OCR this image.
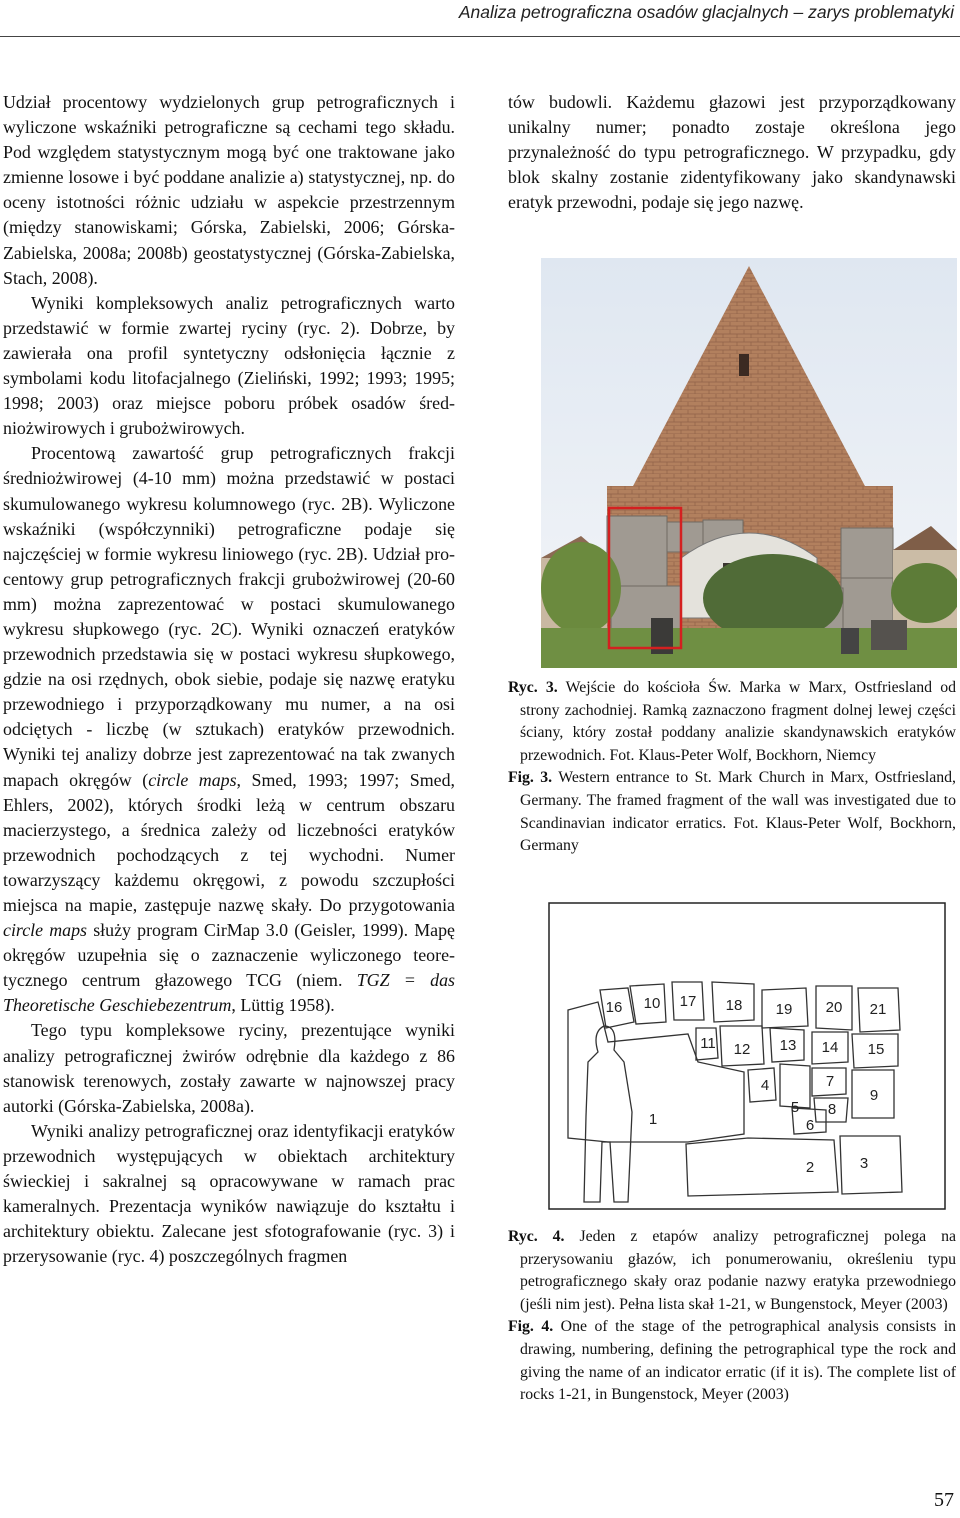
Analiza petrograficzna osadów glacjalnych – zarys problematyki

Udział procentowy wydzielonych grup petrograficznych i wyliczone wskaźniki petrograficzne są cechami tego składu. Pod względem statystycznym mogą być one traktowane jako zmienne losowe i być poddane analizie a) statystycznej, np. do oceny istotności różnic udziału w aspekcie przestrzennym (między stanowiskami; Górska, Zabielski, 2006; Górska-Zabielska, 2008a; 2008b) geostatystycznej (Górska-Zabielska, Stach, 2008).

Wyniki kompleksowych analiz petrograficznych warto przedstawić w formie zwartej ryciny (ryc. 2). Dobrze, by zawierała ona profil syntetyczny odsłonięcia łącznie z symbolami kodu litofacjalnego (Zieliński, 1992; 1993; 1995; 1998; 2003) oraz miejsce poboru próbek osadów średniożwirowych i grubożwirowych.

Procentową zawartość grup petrograficznych frakcji średniożwirowej (4-10 mm) można przedstawić w postaci skumulowanego wykresu kolumnowego (ryc. 2B). Wyliczone wskaźniki (współczynniki) petrograficzne podaje się najczęściej w formie wykresu liniowego (ryc. 2B). Udział procentowy grup petrograficznych frakcji grubożwirowej (20-60 mm) można zaprezentować w postaci skumulowanego wykresu słupkowego (ryc. 2C). Wyniki oznaczeń eratyków przewodnich przedstawia się w postaci wykresu słupkowego, gdzie na osi rzędnych, obok siebie, podaje się nazwę eratyku przewodniego i przyporządkowany mu numer, a na osi odciętych - liczbę (w sztukach) eratyków przewodnich. Wyniki tej analizy dobrze jest zaprezentować na tak zwanych mapach okręgów (circle maps, Smed, 1993; 1997; Smed, Ehlers, 2002), których środki leżą w centrum obszaru macierzystego, a średnica zależy od liczebności eratyków przewodnich pochodzących z tej wychodni. Numer towarzyszący każdemu okręgowi, z powodu szczupłości miejsca na mapie, zastępuje nazwę skały. Do przygotowania circle maps służy program CirMap 3.0 (Geisler, 1999). Mapę okręgów uzupełnia się o zaznaczenie wyliczonego teoretycznego centrum głazowego TCG (niem. TGZ = das Theoretische Geschiebezentrum, Lüttig 1958).

Tego typu kompleksowe ryciny, prezentujące wyniki analizy petrograficznej żwirów odrębnie dla każdego z 86 stanowisk terenowych, zostały zawarte w najnowszej pracy autorki (Górska-Zabielska, 2008a).

Wyniki analizy petrograficznej oraz identyfikacji eratyków przewodnich występujących w obiektach architektury świeckiej i sakralnej są opracowywane w ramach prac kameralnych. Prezentacja wyników nawiązuje do kształtu i architektury obiektu. Zalecane jest sfotografowanie (ryc. 3) i przerysowanie (ryc. 4) poszczególnych fragmen

tów budowli. Każdemu głazowi jest przyporządkowany unikalny numer; ponadto zostaje określona jego przynależność do typu petrograficznego. W przypadku, gdy blok skalny zostanie zidentyfikowany jako skandynawski eratyk przewodni, podaje się jego nazwę.

Ryc. 3. Wejście do kościoła Św. Marka w Marx, Ostfriesland od strony zachodniej. Ramką zaznaczono fragment dolnej lewej części ściany, który został poddany analizie skandynawskich eratyków przewodnich. Fot. Klaus-Peter Wolf, Bockhorn, Niemcy

Fig. 3. Western entrance to St. Mark Church in Marx, Ostfriesland, Germany. The framed fragment of the wall was investigated due to Scandinavian indicator erratics. Fot. Klaus-Peter Wolf, Bockhorn, Germany

1
2	3
4
5
6
7
8
9
10
11 12 13 14 15
16	17 18 19 20 21

Ryc. 4. Jeden z etapów analizy petrograficznej polega na przerysowaniu głazów, ich ponumerowaniu, określeniu typu petrograficznego skały oraz podanie nazwy eratyka przewodniego (jeśli nim jest). Pełna lista skał 1-21, w Bungenstock, Meyer (2003)

Fig. 4. One of the stage of the petrographical analysis consists in drawing, numbering, defining the petrographical type the rock and giving the name of an indicator erratic (if it is). The complete list of rocks 1-21, in Bungenstock, Meyer (2003)

57
